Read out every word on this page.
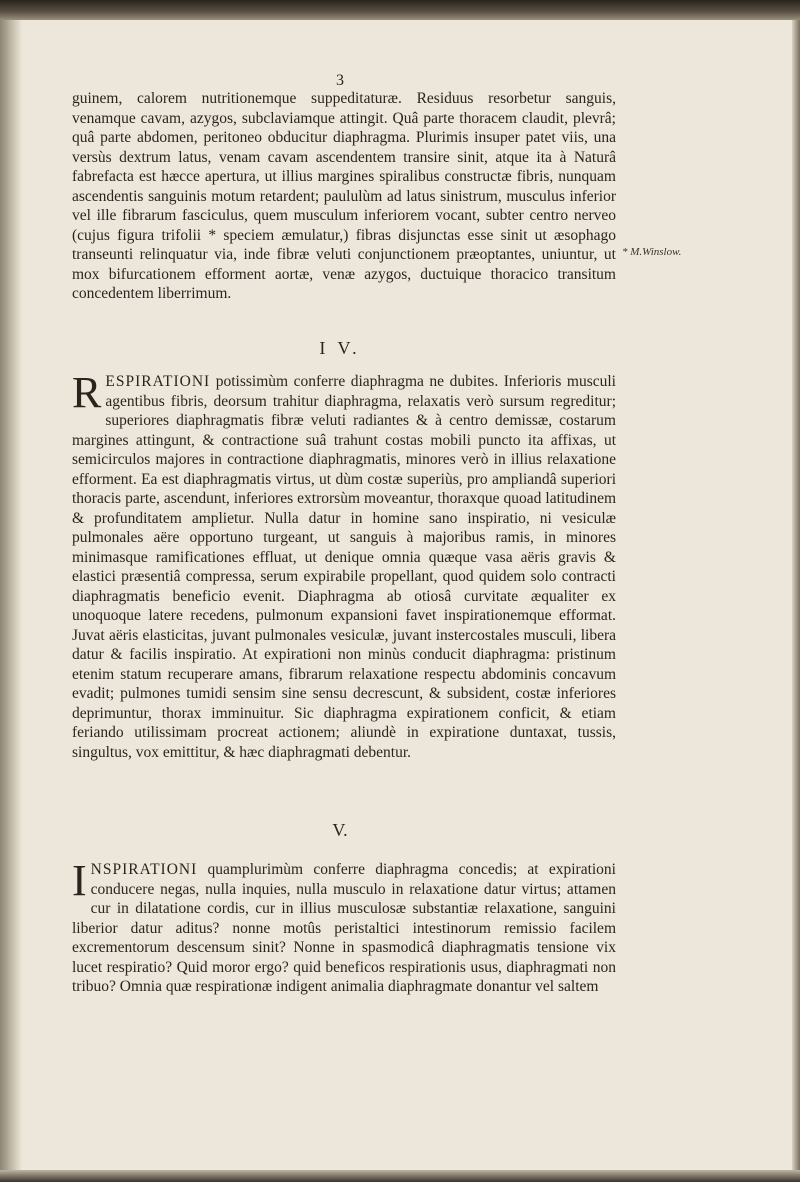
3

guinem, calorem nutritionemque suppeditaturæ. Residuus resorbetur sanguis, venamque cavam, azygos, subclaviamque attingit. Quâ parte thoracem claudit, plevrâ; quâ parte abdomen, peritoneo obducitur diaphragma. Plurimis insuper patet viis, una versùs dextrum latus, venam cavam ascendentem transire sinit, atque ita à Naturâ fabrefacta est hæcce apertura, ut illius margines spiralibus constructæ fibris, nunquam ascendentis sanguinis motum retardent; paululùm ad latus sinistrum, musculus inferior vel ille fibrarum fasciculus, quem musculum inferiorem vocant, subter centro nerveo (cujus figura trifolii * speciem æmulatur,) fibras disjunctas esse sinit ut æsophago transeunti relinquatur via, inde fibræ veluti conjunctionem præoptantes, uniuntur, ut mox bifurcationem efforment aortæ, venæ azygos, ductuique thoracico transitum concedentem liberrimum.

* M.Winslow.
I V.

RESPIRATIONI potissimùm conferre diaphragma ne dubites. Inferioris musculi agentibus fibris, deorsum trahitur diaphragma, relaxatis verò sursum regreditur; superiores diaphragmatis fibræ veluti radiantes & à centro demissæ, costarum margines attingunt, & contractione suâ trahunt costas mobili puncto ita affixas, ut semicirculos majores in contractione diaphragmatis, minores verò in illius relaxatione efforment. Ea est diaphragmatis virtus, ut dùm costæ superiùs, pro ampliandâ superiori thoracis parte, ascendunt, inferiores extrorsùm moveantur, thoraxque quoad latitudinem & profunditatem amplietur. Nulla datur in homine sano inspiratio, ni vesiculæ pulmonales aëre opportuno turgeant, ut sanguis à majoribus ramis, in minores minimasque ramificationes effluat, ut denique omnia quæque vasa aëris gravis & elastici præsentiâ compressa, serum expirabile propellant, quod quidem solo contracti diaphragmatis beneficio evenit. Diaphragma ab otiosâ curvitate æqualiter ex unoquoque latere recedens, pulmonum expansioni favet inspirationemque efformat. Juvat aëris elasticitas, juvant pulmonales vesiculæ, juvant instercostales musculi, libera datur & facilis inspiratio. At expirationi non minùs conducit diaphragma: pristinum etenim statum recuperare amans, fibrarum relaxatione respectu abdominis concavum evadit; pulmones tumidi sensim sine sensu decrescunt, & subsident, costæ inferiores deprimuntur, thorax imminuitur. Sic diaphragma expirationem conficit, & etiam feriando utilissimam procreat actionem; aliundè in expiratione duntaxat, tussis, singultus, vox emittitur, & hæc diaphragmati debentur.

V.

INSPIRATIONI quamplurimùm conferre diaphragma concedis; at expirationi conducere negas, nulla inquies, nulla musculo in relaxatione datur virtus; attamen cur in dilatatione cordis, cur in illius musculosæ substantiæ relaxatione, sanguini liberior datur aditus? nonne motûs peristaltici intestinorum remissio facilem excrementorum descensum sinit? Nonne in spasmodicâ diaphragmatis tensione vix lucet respiratio? Quid moror ergo? quid beneficos respirationis usus, diaphragmati non tribuo? Omnia quæ respirationæ indigent animalia diaphragmate donantur vel saltem
